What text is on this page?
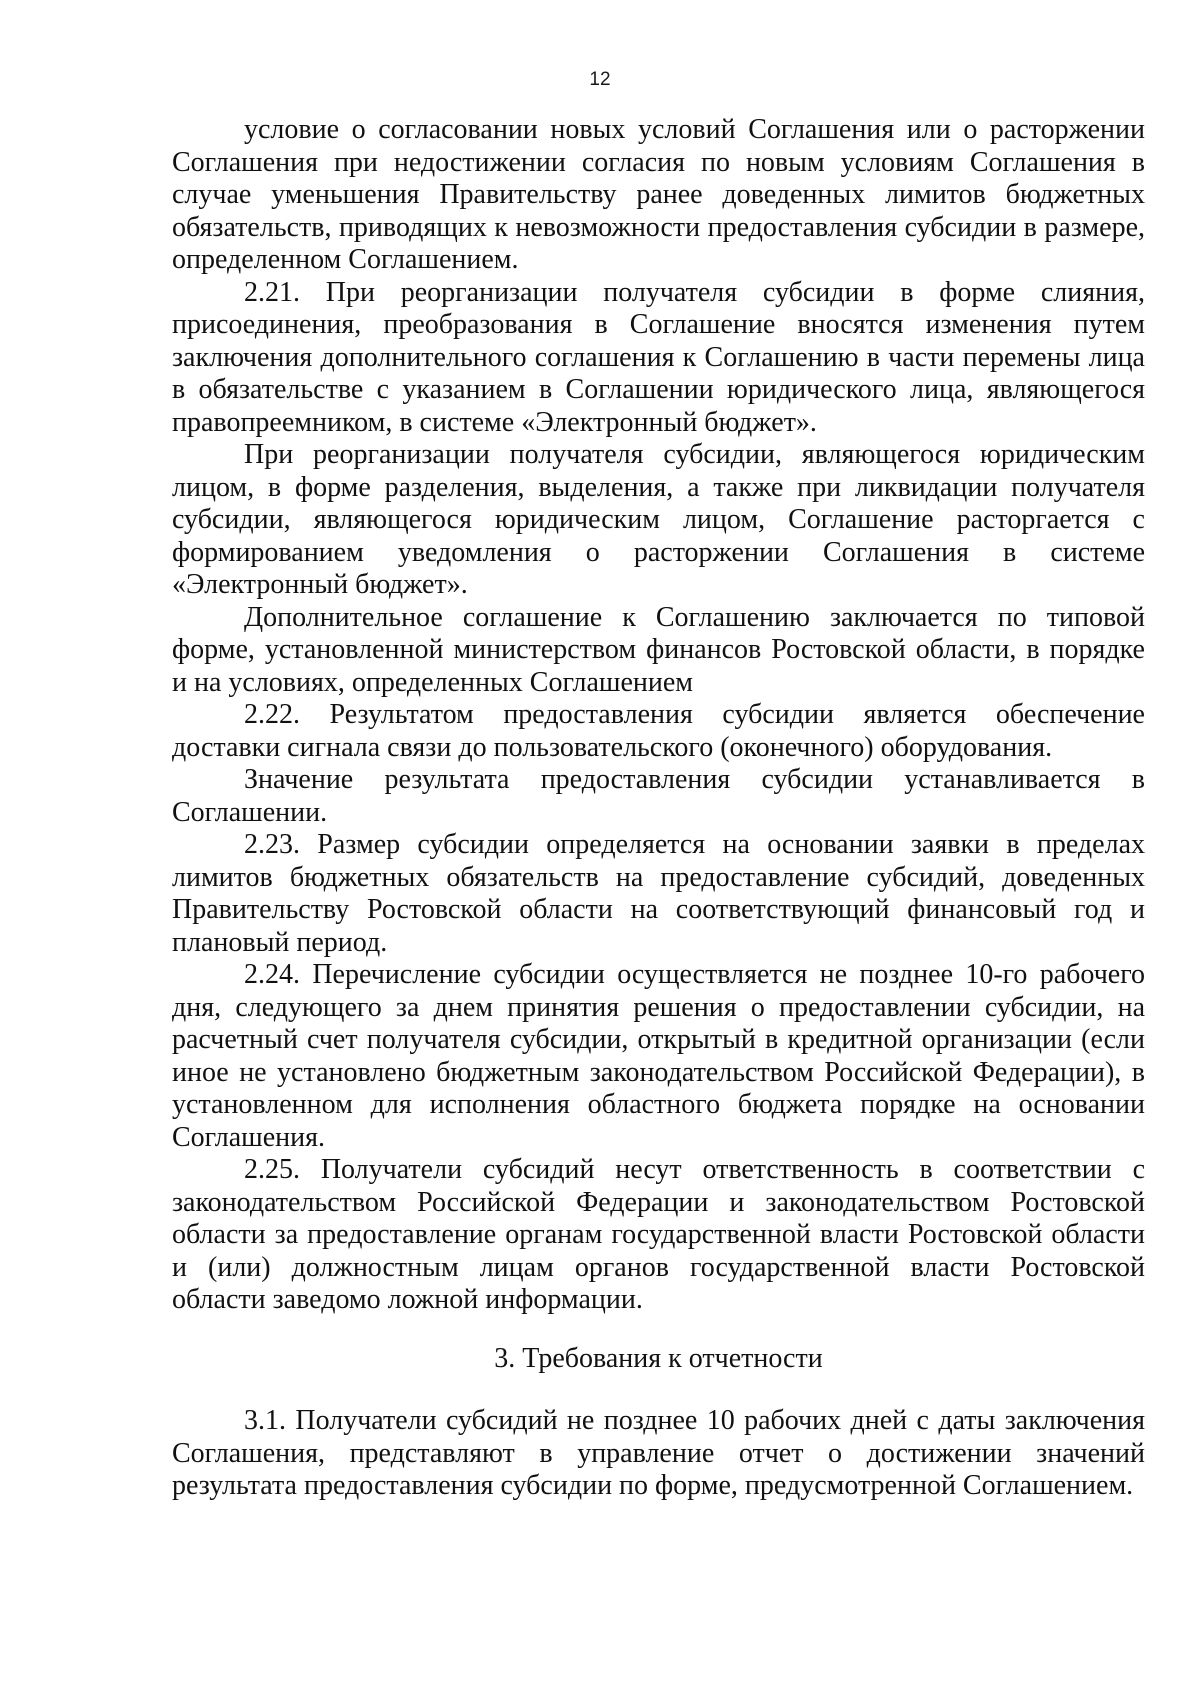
12

условие о согласовании новых условий Соглашения или о расторжении Соглашения при недостижении согласия по новым условиям Соглашения в случае уменьшения Правительству ранее доведенных лимитов бюджетных обязательств, приводящих к невозможности предоставления субсидии в размере, определенном Соглашением.

2.21. При реорганизации получателя субсидии в форме слияния, присоединения, преобразования в Соглашение вносятся изменения путем заключения дополнительного соглашения к Соглашению в части перемены лица в обязательстве с указанием в Соглашении юридического лица, являющегося правопреемником, в системе «Электронный бюджет».

При реорганизации получателя субсидии, являющегося юридическим лицом, в форме разделения, выделения, а также при ликвидации получателя субсидии, являющегося юридическим лицом, Соглашение расторгается с формированием уведомления о расторжении Соглашения в системе «Электронный бюджет».

Дополнительное соглашение к Соглашению заключается по типовой форме, установленной министерством финансов Ростовской области, в порядке и на условиях, определенных Соглашением

2.22. Результатом предоставления субсидии является обеспечение доставки сигнала связи до пользовательского (оконечного) оборудования.

Значение результата предоставления субсидии устанавливается в Соглашении.

2.23. Размер субсидии определяется на основании заявки в пределах лимитов бюджетных обязательств на предоставление субсидий, доведенных Правительству Ростовской области на соответствующий финансовый год и плановый период.

2.24. Перечисление субсидии осуществляется не позднее 10-го рабочего дня, следующего за днем принятия решения о предоставлении субсидии, на расчетный счет получателя субсидии, открытый в кредитной организации (если иное не установлено бюджетным законодательством Российской Федерации), в установленном для исполнения областного бюджета порядке на основании Соглашения.

2.25. Получатели субсидий несут ответственность в соответствии с законодательством Российской Федерации и законодательством Ростовской области за предоставление органам государственной власти Ростовской области и (или) должностным лицам органов государственной власти Ростовской области заведомо ложной информации.

3. Требования к отчетности

3.1. Получатели субсидий не позднее 10 рабочих дней с даты заключения Соглашения, представляют в управление отчет о достижении значений результата предоставления субсидии по форме, предусмотренной Соглашением.
